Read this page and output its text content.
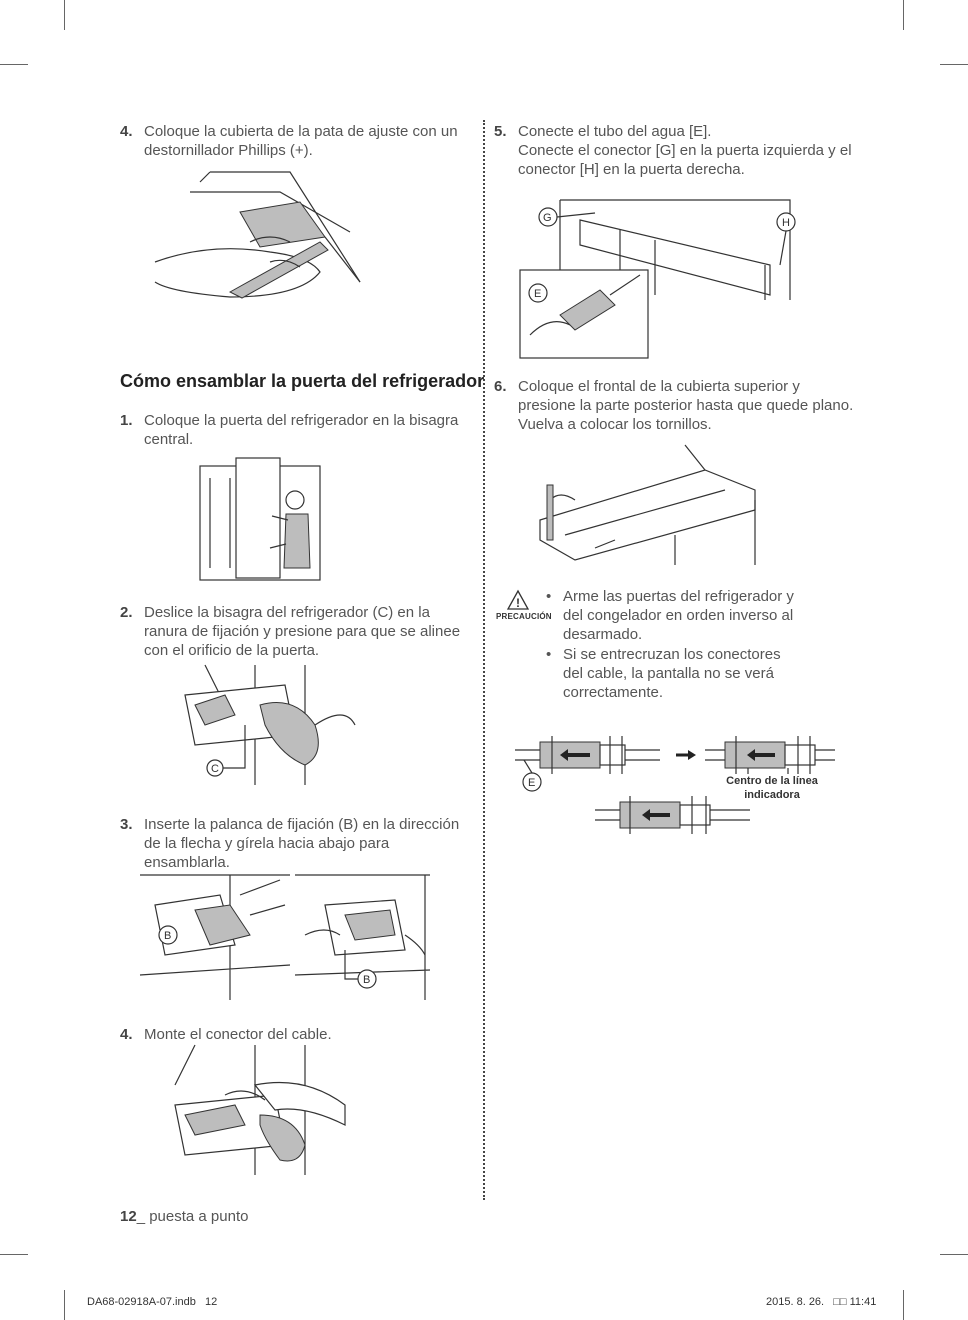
4. Coloque la cubierta de la pata de ajuste con un destornillador Phillips (+).
Cómo ensamblar la puerta del refrigerador
1. Coloque la puerta del refrigerador en la bisagra central.
2. Deslice la bisagra del refrigerador (C) en la ranura de fijación y presione para que se alinee con el orificio de la puerta.
C
3. Inserte la palanca de fijación (B) en la dirección de la flecha y gírela hacia abajo para ensamblarla.
B
B
4. Monte el conector del cable.
5. Conecte el tubo del agua [E].
Conecte el conector [G] en la puerta izquierda y el conector [H] en la puerta derecha.
G	H
E
6. Coloque el frontal de la cubierta superior y presione la parte posterior hasta que quede plano. Vuelva a colocar los tornillos.
!
PRECAUCIÓN
• Arme las puertas del refrigerador y del congelador en orden inverso al desarmado.
• Si se entrecruzan los conectores del cable, la pantalla no se verá correctamente.
E	Centro de la línea indicadora
12_ puesta a punto
DA68-02918A-07.indb   12	2015. 8. 26.   □□ 11:41
